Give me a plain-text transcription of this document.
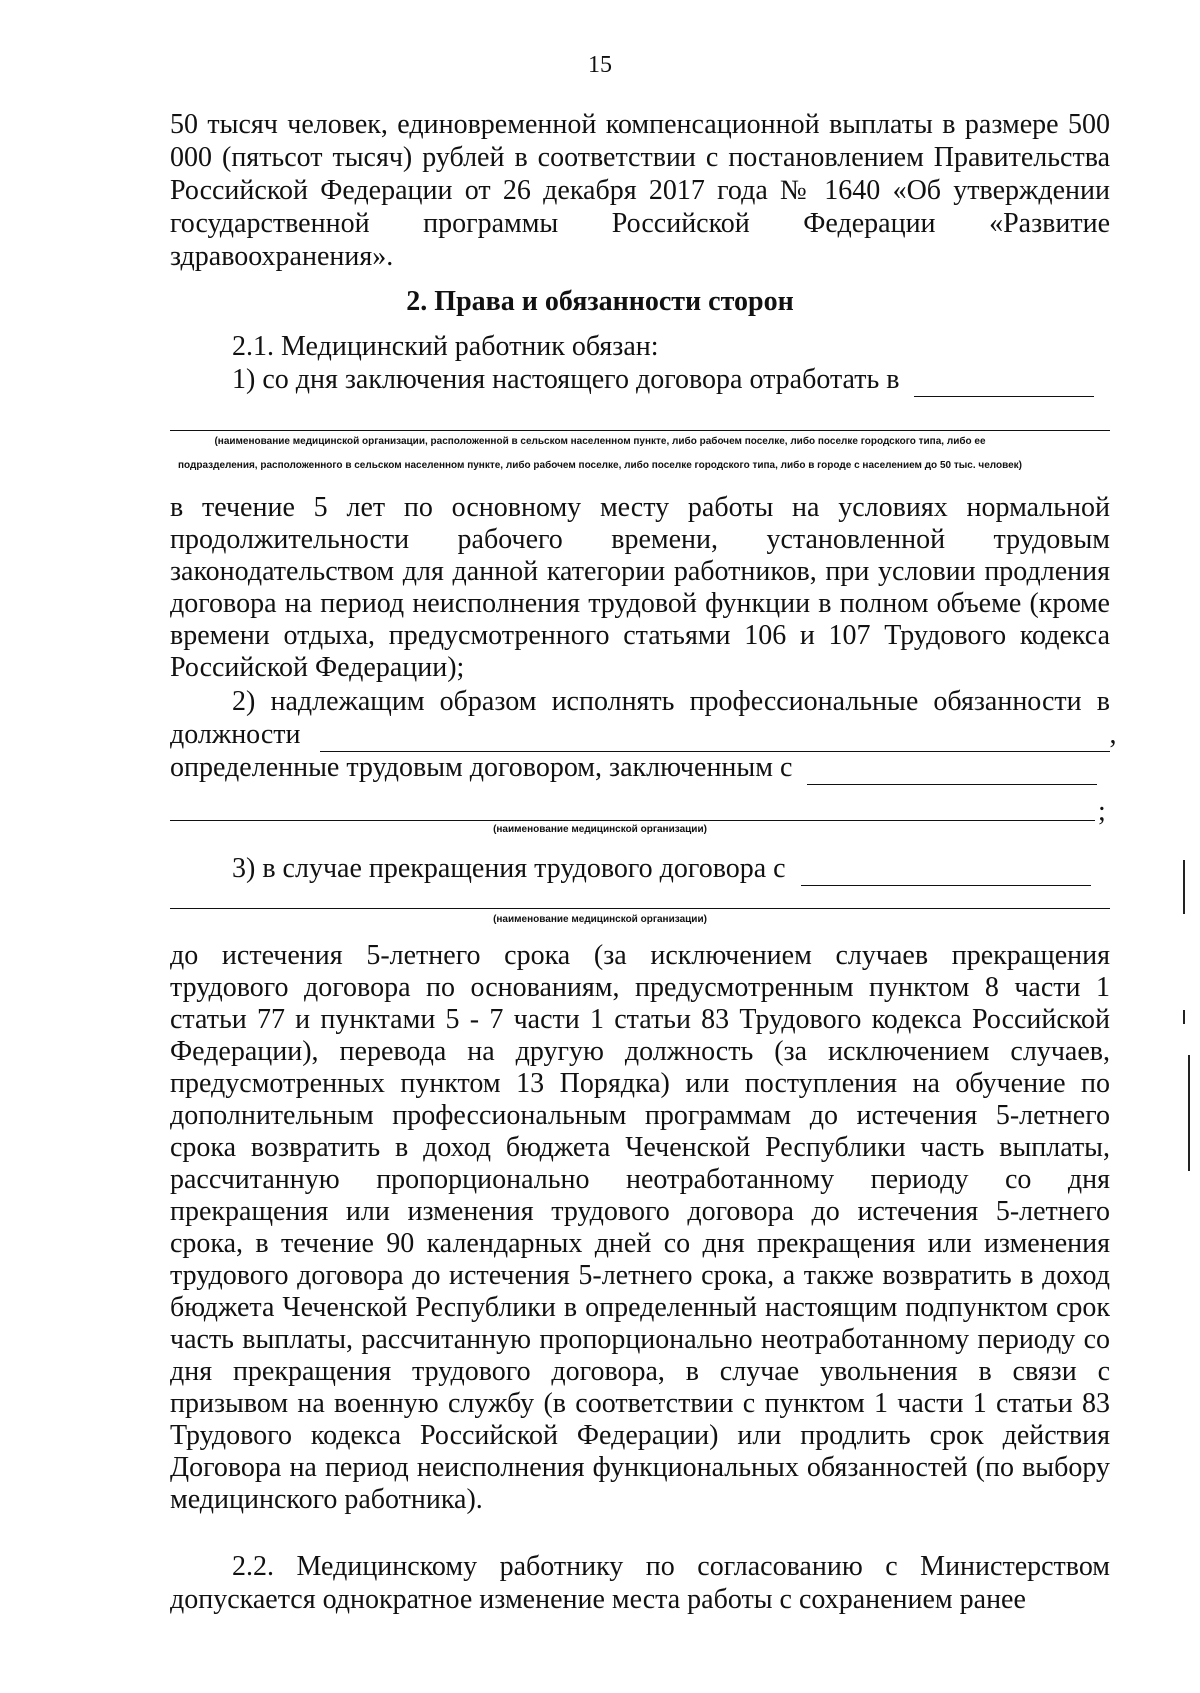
15
50 тысяч человек, единовременной компенсационной выплаты в размере 500 000 (пятьсот тысяч) рублей в соответствии с постановлением Правительства Российской Федерации от 26 декабря 2017 года № 1640 «Об утверждении государственной программы Российской Федерации «Развитие здравоохранения».
2. Права и обязанности сторон
2.1. Медицинский работник обязан:
1) со дня заключения настоящего договора отработать в
(наименование медицинской организации, расположенной в сельском населенном пункте, либо рабочем поселке, либо поселке городского типа, либо ее
подразделения, расположенного в сельском населенном пункте, либо рабочем поселке, либо поселке городского типа, либо в городе с населением до 50 тыс. человек)
в течение 5 лет по основному месту работы на условиях нормальной продолжительности рабочего времени, установленной трудовым законодательством для данной категории работников, при условии продления договора на период неисполнения трудовой функции в полном объеме (кроме времени отдыха, предусмотренного статьями 106 и 107 Трудового кодекса Российской Федерации);
2) надлежащим образом исполнять профессиональные обязанности в
должности	,
определенные трудовым договором, заключенным с
;
(наименование медицинской организации)
3) в случае прекращения трудового договора с
(наименование медицинской организации)
до истечения 5-летнего срока (за исключением случаев прекращения трудового договора по основаниям, предусмотренным пунктом 8 части 1 статьи 77 и пунктами 5 - 7 части 1 статьи 83 Трудового кодекса Российской Федерации), перевода на другую должность (за исключением случаев, предусмотренных пунктом 13 Порядка) или поступления на обучение по дополнительным профессиональным программам до истечения 5-летнего срока возвратить в доход бюджета Чеченской Республики часть выплаты, рассчитанную пропорционально неотработанному периоду со дня прекращения или изменения трудового договора до истечения 5-летнего срока, в течение 90 календарных дней со дня прекращения или изменения трудового договора до истечения 5-летнего срока, а также возвратить в доход бюджета Чеченской Республики в определенный настоящим подпунктом срок часть выплаты, рассчитанную пропорционально неотработанному периоду со дня прекращения трудового договора, в случае увольнения в связи с призывом на военную службу (в соответствии с пунктом 1 части 1 статьи 83 Трудового кодекса Российской Федерации) или продлить срок действия Договора на период неисполнения функциональных обязанностей (по выбору медицинского работника).
2.2. Медицинскому работнику по согласованию с Министерством допускается однократное изменение места работы с сохранением ранее
